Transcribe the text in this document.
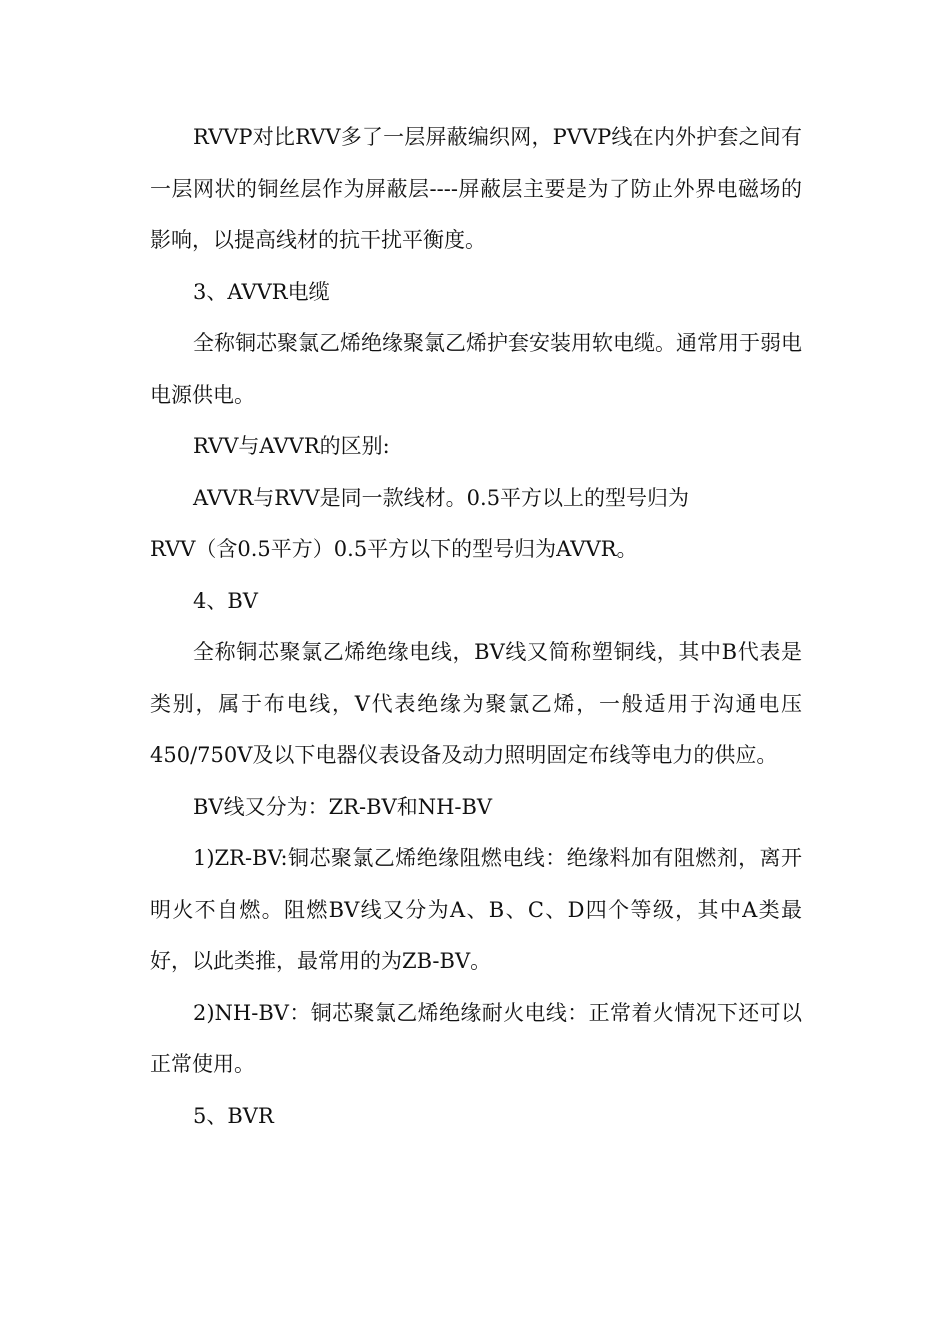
RVVP对比RVV多了一层屏蔽编织网，PVVP线在内外护套之间有一层网状的铜丝层作为屏蔽层----屏蔽层主要是为了防止外界电磁场的影响，以提高线材的抗干扰平衡度。

3、AVVR电缆

全称铜芯聚氯乙烯绝缘聚氯乙烯护套安装用软电缆。通常用于弱电电源供电。

RVV与AVVR的区别:

AVVR与RVV是同一款线材。0.5平方以上的型号归为

RVV（含0.5平方）0.5平方以下的型号归为AVVR。

4、BV

全称铜芯聚氯乙烯绝缘电线，BV线又简称塑铜线，其中B代表是类别，属于布电线，V代表绝缘为聚氯乙烯，一般适用于沟通电压450/750V及以下电器仪表设备及动力照明固定布线等电力的供应。

BV线又分为：ZR-BV和NH-BV

1)ZR-BV:铜芯聚氯乙烯绝缘阻燃电线：绝缘料加有阻燃剂，离开明火不自燃。阻燃BV线又分为A、B、C、D四个等级，其中A类最好，以此类推，最常用的为ZB-BV。

2)NH-BV：铜芯聚氯乙烯绝缘耐火电线：正常着火情况下还可以正常使用。

5、BVR
